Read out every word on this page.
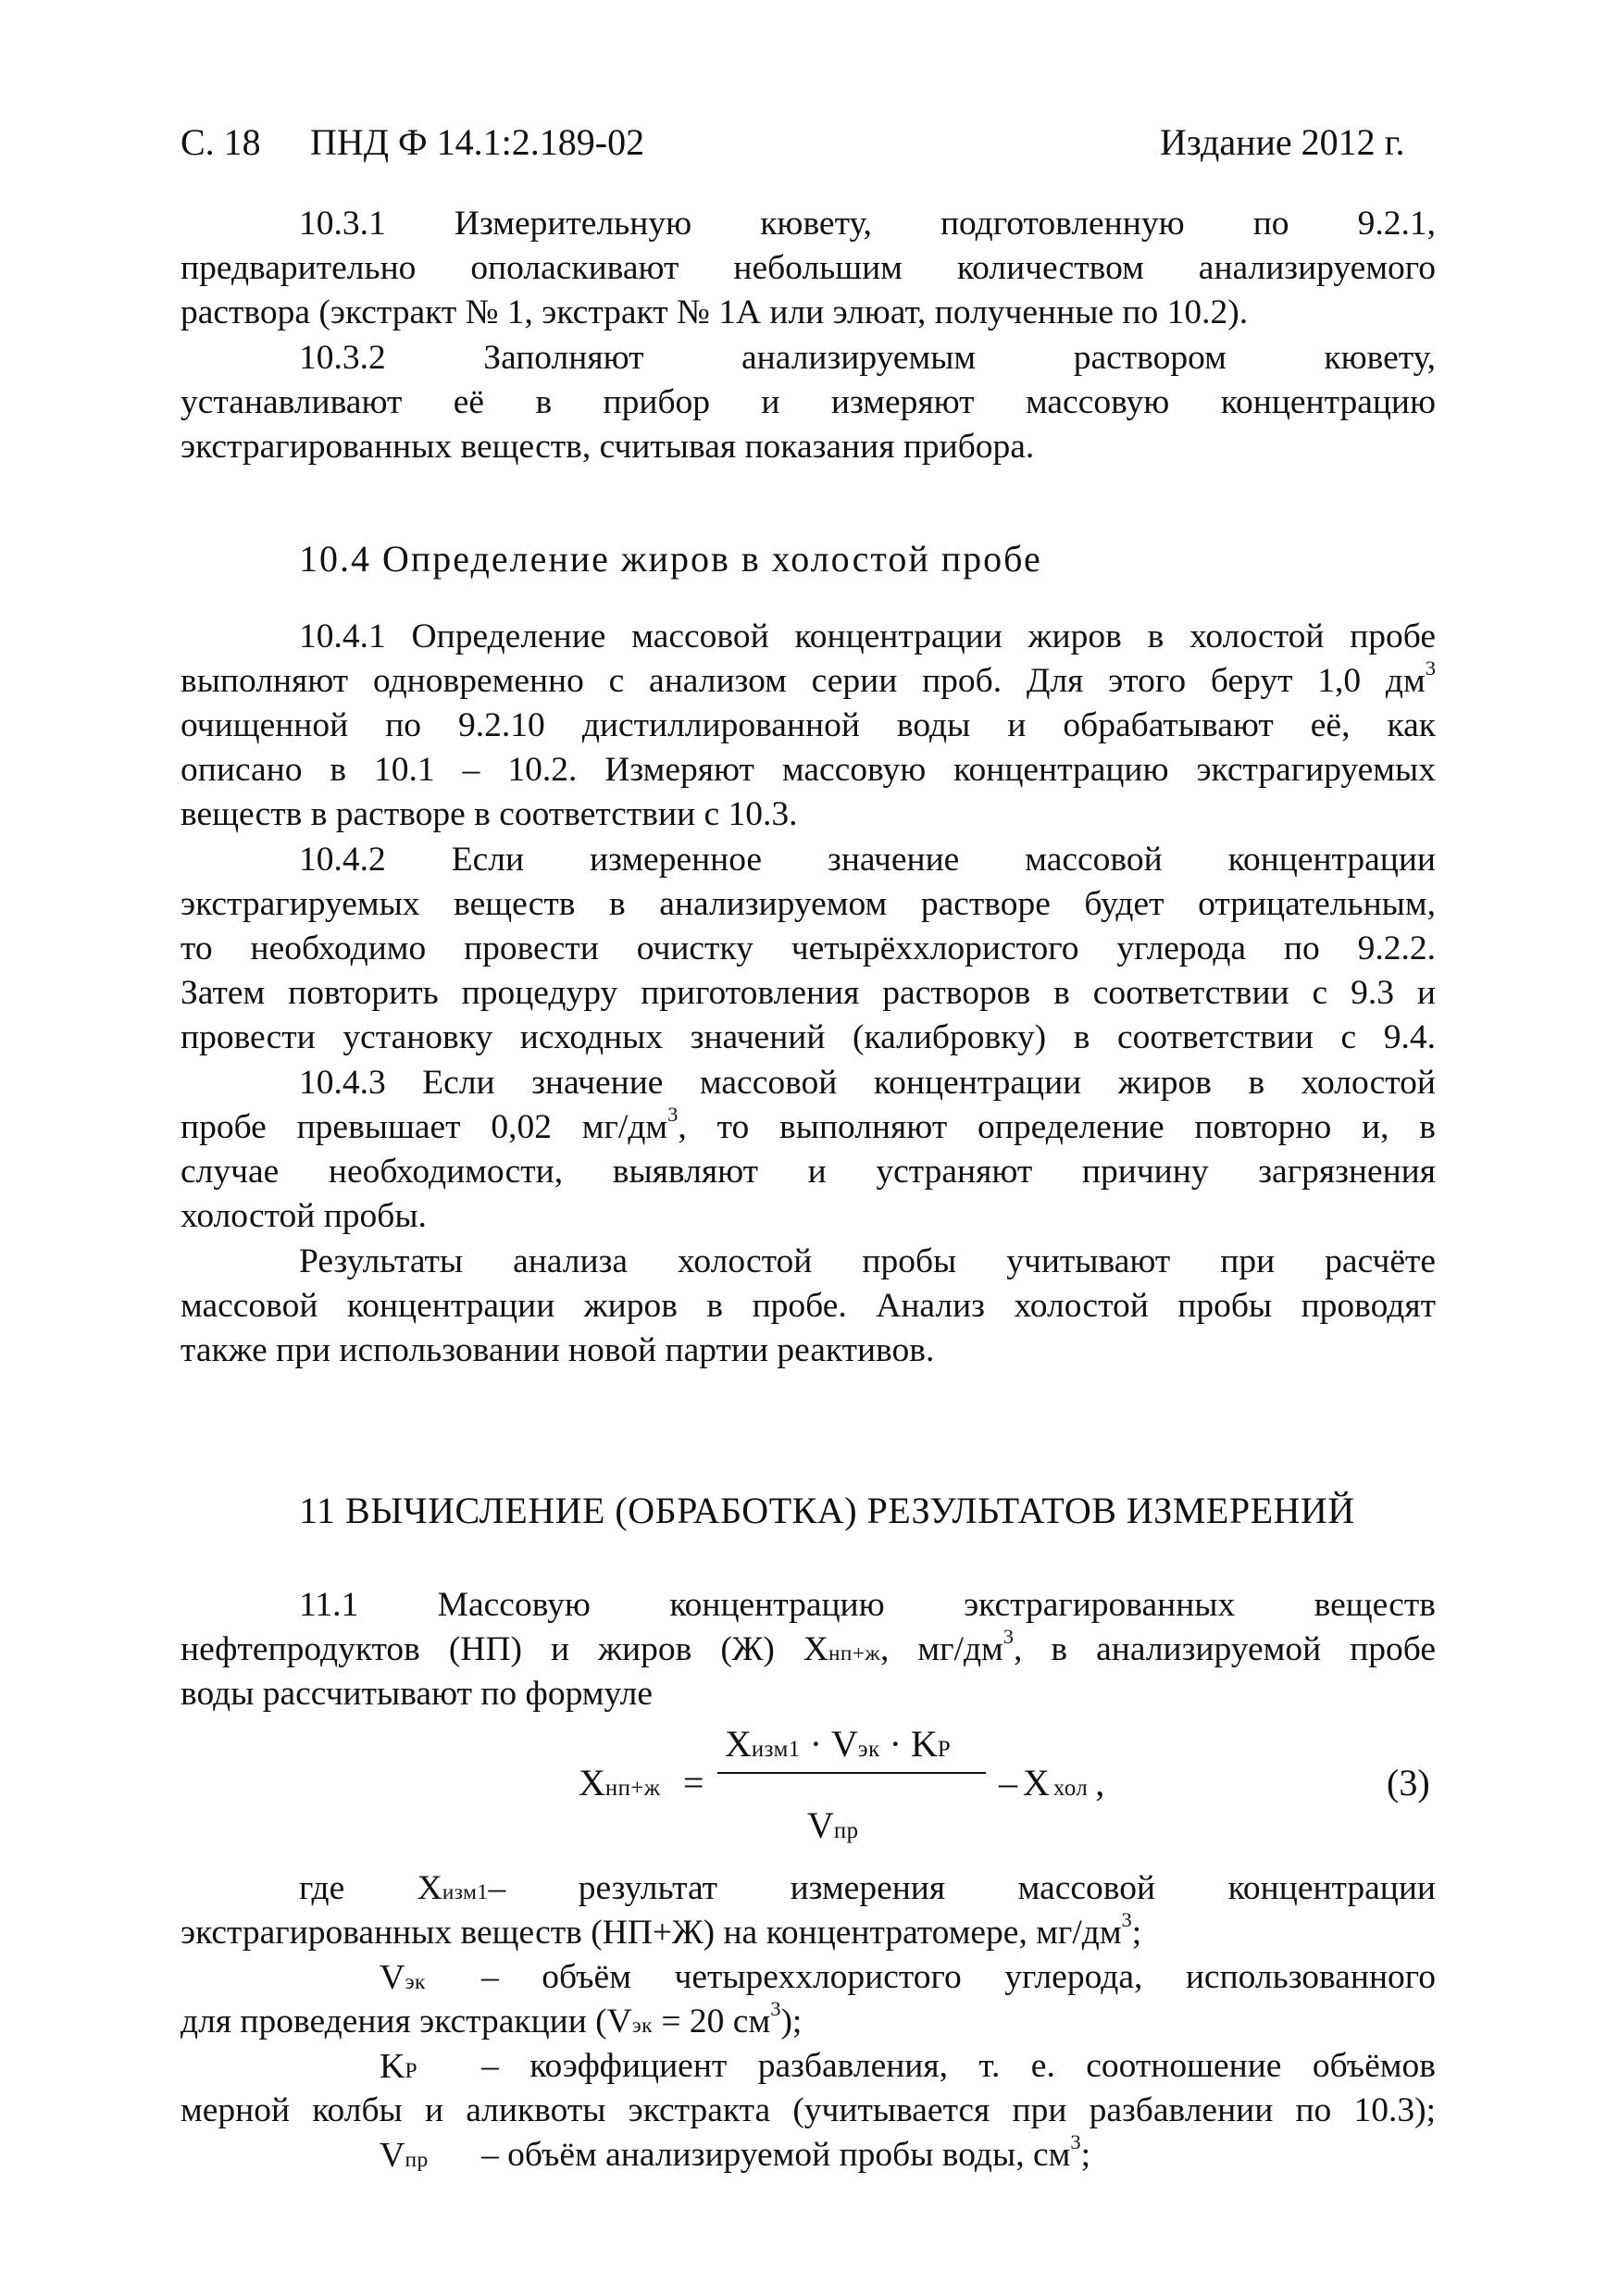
С. 18 ПНД Ф 14.1:2.189-02	Издание 2012 г.
10.3.1 Измерительную кювету, подготовленную по 9.2.1,
предварительно ополаскивают небольшим количеством анализируемого
раствора (экстракт № 1, экстракт № 1А или элюат, полученные по 10.2).
10.3.2 Заполняют анализируемым раствором кювету,
устанавливают её в прибор и измеряют массовую концентрацию
экстрагированных веществ, считывая показания прибора.
10.4 Определение жиров в холостой пробе
10.4.1 Определение массовой концентрации жиров в холостой пробе
выполняют одновременно с анализом серии проб. Для этого берут 1,0 $дм^3$
очищенной по 9.2.10 дистиллированной воды и обрабатывают её, как
описано в 10.1 – 10.2. Измеряют массовую концентрацию экстрагируемых
веществ в растворе в соответствии с 10.3.
10.4.2 Если измеренное значение массовой концентрации
экстрагируемых веществ в анализируемом растворе будет отрицательным,
то необходимо провести очистку четырёххлористого углерода по 9.2.2.
Затем повторить процедуру приготовления растворов в соответствии с 9.3 и
провести установку исходных значений (калибровку) в соответствии с 9.4.
10.4.3 Если значение массовой концентрации жиров в холостой
пробе превышает 0,02 $мг/дм^3$, то выполняют определение повторно и, в
случае необходимости, выявляют и устраняют причину загрязнения
холостой пробы.
Результаты анализа холостой пробы учитывают при расчёте
массовой концентрации жиров в пробе. Анализ холостой пробы проводят
также при использовании новой партии реактивов.
11 ВЫЧИСЛЕНИЕ (ОБРАБОТКА) РЕЗУЛЬТАТОВ ИЗМЕРЕНИЙ
11.1 Массовую концентрацию экстрагированных веществ
нефтепродуктов (НП) и жиров (Ж) Xнп+ж, $мг/дм^3$, в анализируемой пробе
воды рассчитывают по формуле
Xнп+ж =
Xизм1 · Vэк · KP
Vпр
– X хол ,	(3)
где Xизм1– результат измерения массовой концентрации
экстрагированных веществ (НП+Ж) на концентратомере, $мг/дм^3$;
Vэк – объём четыреххлористого углерода, использованного
для проведения экстракции (Vэк = 20 $см^3$);
KP – коэффициент разбавления, т. е. соотношение объёмов
мерной колбы и аликвоты экстракта (учитывается при разбавлении по 10.3);
Vпр – объём анализируемой пробы воды, $см^3$;
